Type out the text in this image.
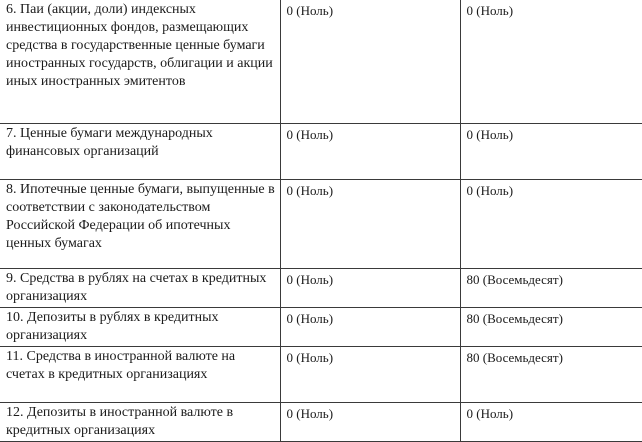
6. Паи (акции, доли) индексных инвестиционных фондов, размещающих средства в государственные ценные бумаги иностранных государств, облигации и акции иных иностранных эмитентов	0 (Ноль)	0 (Ноль)
7. Ценные бумаги международных финансовых организаций	0 (Ноль)	0 (Ноль)
8. Ипотечные ценные бумаги, выпущенные в соответствии с законодательством Российской Федерации об ипотечных ценных бумагах	0 (Ноль)	0 (Ноль)
9. Средства в рублях на счетах в кредитных организациях	0 (Ноль)	80 (Восемьдесят)
10. Депозиты в рублях в кредитных организациях	0 (Ноль)	80 (Восемьдесят)
11. Средства в иностранной валюте на счетах в кредитных организациях	0 (Ноль)	80 (Восемьдесят)
12. Депозиты в иностранной валюте в кредитных организациях	0 (Ноль)	0 (Ноль)
